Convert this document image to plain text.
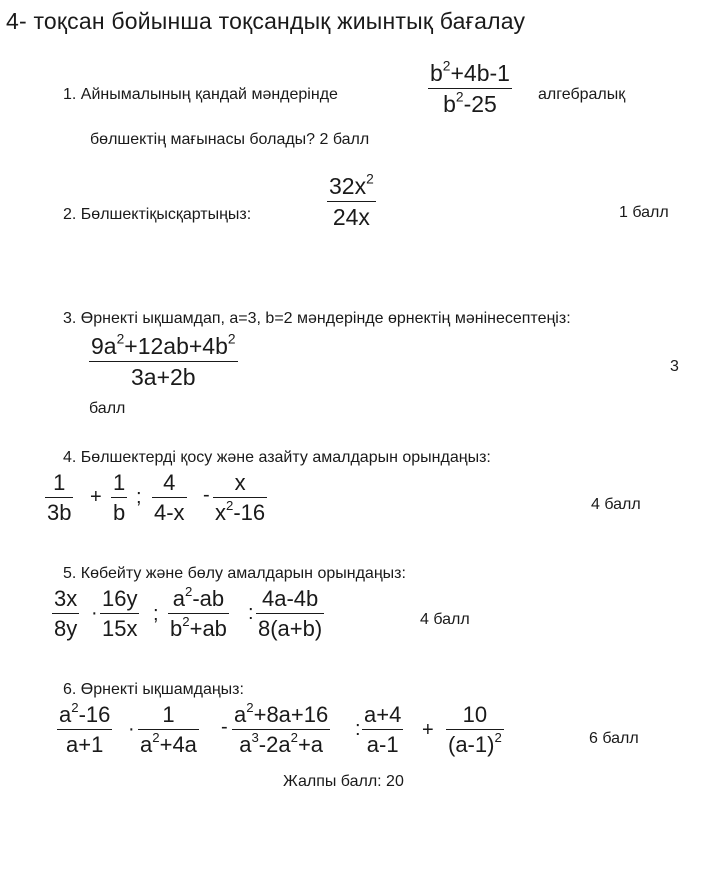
4- тоқсан бойынша тоқсандық жиынтық бағалау
1. Айнымалының қандай мәндерінде
$b^2+4b-1$
$b^2-25$	алгебралық
бөлшектің мағынасы болады? 2 балл
2. Бөлшектіқысқартыңыз:
$32x^2$
24x	1 балл
3. Өрнекті ықшамдап, a=3, b=2 мәндерінде өрнектің мәнінесептеңіз:
$9a^2+12ab+4b^2$
3a+2b	3
балл
4. Бөлшектерді қосу және азайту амалдарын орындаңыз:
1
3b
+
1
b
;
4
4-x
- x
$x^2-16$	4 балл
5. Көбейту және бөлу амалдарын орындаңыз:
3x
8y
·
16y
15x
;
$a^2-ab$
$b^2+ab$
:
4a-4b
8(a+b)	4 балл
6. Өрнекті ықшамдаңыз:
$a^2-16$
a+1
·
1
$a^2+4a$
- $a^2+8a+16$
$a^3-2a^2+a$
:
a+4
a-1
+
10
$(a-1)^2$	6 балл
Жалпы балл: 20
